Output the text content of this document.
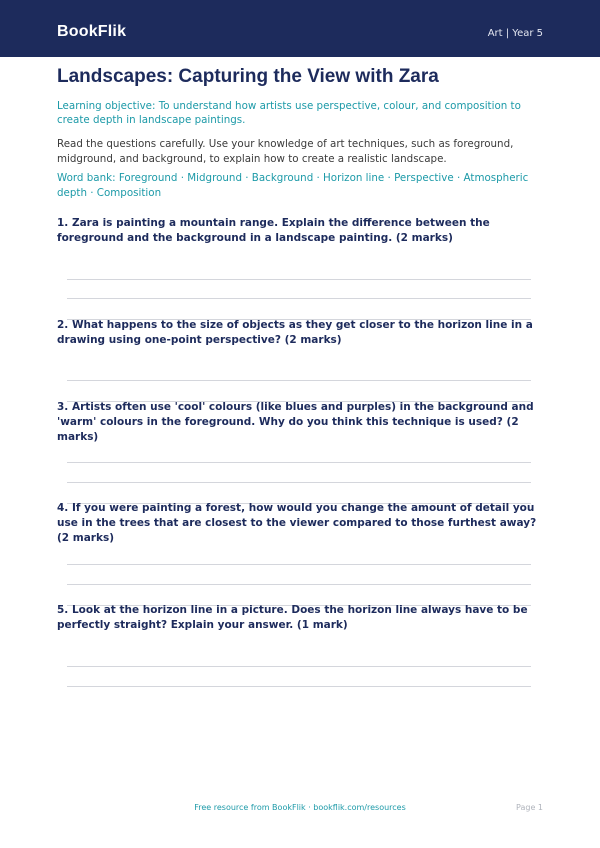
BookFlik	Art | Year 5
Landscapes: Capturing the View with Zara

Learning objective: To understand how artists use perspective, colour, and composition to create depth in landscape paintings.

Read the questions carefully. Use your knowledge of art techniques, such as foreground, midground, and background, to explain how to create a realistic landscape.

Word bank: Foreground · Midground · Background · Horizon line · Perspective · Atmospheric depth · Composition

1. Zara is painting a mountain range. Explain the difference between the foreground and the background in a landscape painting. (2 marks)

2. What happens to the size of objects as they get closer to the horizon line in a drawing using one-point perspective? (2 marks)

3. Artists often use 'cool' colours (like blues and purples) in the background and 'warm' colours in the foreground. Why do you think this technique is used? (2 marks)

4. If you were painting a forest, how would you change the amount of detail you use in the trees that are closest to the viewer compared to those furthest away? (2 marks)

5. Look at the horizon line in a picture. Does the horizon line always have to be perfectly straight? Explain your answer. (1 mark)

Free resource from BookFlik · bookflik.com/resources	Page 1
